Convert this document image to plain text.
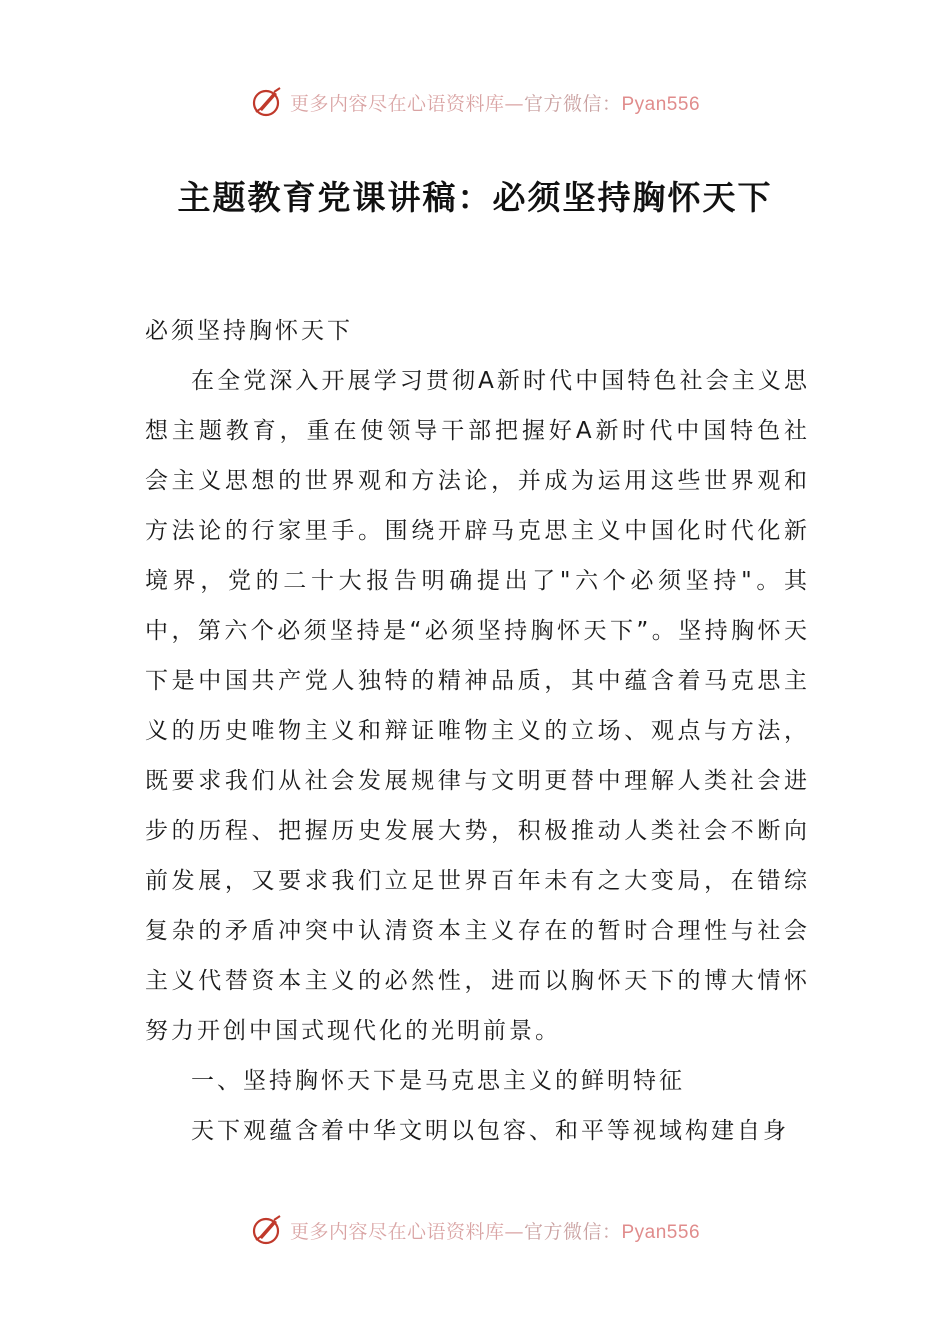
更多内容尽在心语资料库—官方微信：Pyan556
主题教育党课讲稿：必须坚持胸怀天下

必须坚持胸怀天下

在全党深入开展学习贯彻A新时代中国特色社会主义思想主题教育，重在使领导干部把握好A新时代中国特色社会主义思想的世界观和方法论，并成为运用这些世界观和方法论的行家里手。围绕开辟马克思主义中国化时代化新境界，党的二十大报告明确提出了"六个必须坚持"。其中，第六个必须坚持是“必须坚持胸怀天下”。坚持胸怀天下是中国共产党人独特的精神品质，其中蕴含着马克思主义的历史唯物主义和辩证唯物主义的立场、观点与方法，既要求我们从社会发展规律与文明更替中理解人类社会进步的历程、把握历史发展大势，积极推动人类社会不断向前发展，又要求我们立足世界百年未有之大变局，在错综复杂的矛盾冲突中认清资本主义存在的暂时合理性与社会主义代替资本主义的必然性，进而以胸怀天下的博大情怀努力开创中国式现代化的光明前景。

一、坚持胸怀天下是马克思主义的鲜明特征

天下观蕴含着中华文明以包容、和平等视域构建自身

更多内容尽在心语资料库—官方微信：Pyan556
